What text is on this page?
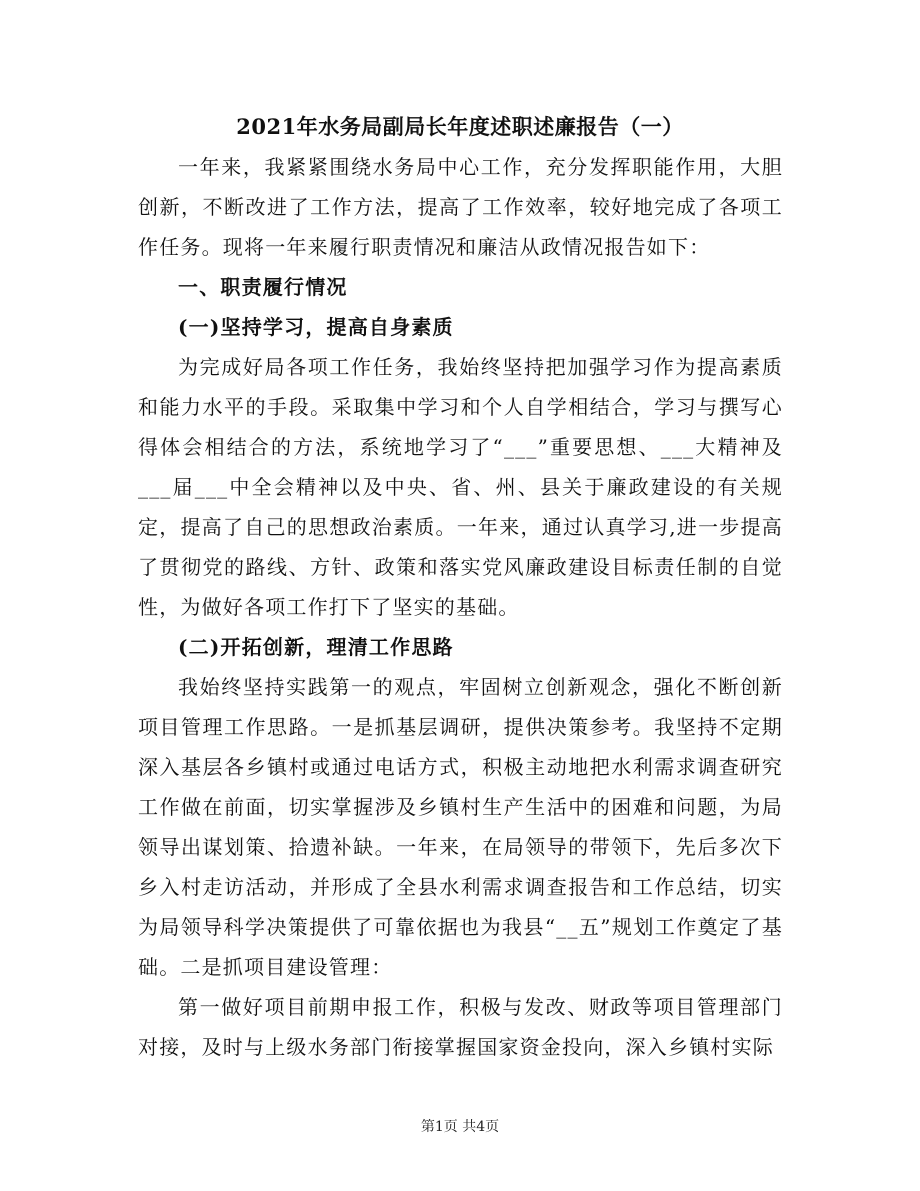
2021年水务局副局长年度述职述廉报告（一）

一年来，我紧紧围绕水务局中心工作，充分发挥职能作用，大胆创新，不断改进了工作方法，提高了工作效率，较好地完成了各项工作任务。现将一年来履行职责情况和廉洁从政情况报告如下：

一、职责履行情况

(一)坚持学习，提高自身素质

为完成好局各项工作任务，我始终坚持把加强学习作为提高素质和能力水平的手段。采取集中学习和个人自学相结合，学习与撰写心得体会相结合的方法，系统地学习了“___”重要思想、___大精神及___届___中全会精神以及中央、省、州、县关于廉政建设的有关规定，提高了自己的思想政治素质。一年来，通过认真学习,进一步提高了贯彻党的路线、方针、政策和落实党风廉政建设目标责任制的自觉性，为做好各项工作打下了坚实的基础。

(二)开拓创新，理清工作思路

我始终坚持实践第一的观点，牢固树立创新观念，强化不断创新项目管理工作思路。一是抓基层调研，提供决策参考。我坚持不定期深入基层各乡镇村或通过电话方式，积极主动地把水利需求调查研究工作做在前面，切实掌握涉及乡镇村生产生活中的困难和问题，为局领导出谋划策、拾遗补缺。一年来，在局领导的带领下，先后多次下乡入村走访活动，并形成了全县水利需求调查报告和工作总结，切实为局领导科学决策提供了可靠依据也为我县“__五”规划工作奠定了基础。二是抓项目建设管理：

第一做好项目前期申报工作，积极与发改、财政等项目管理部门对接，及时与上级水务部门衔接掌握国家资金投向，深入乡镇村实际

第1页 共4页
